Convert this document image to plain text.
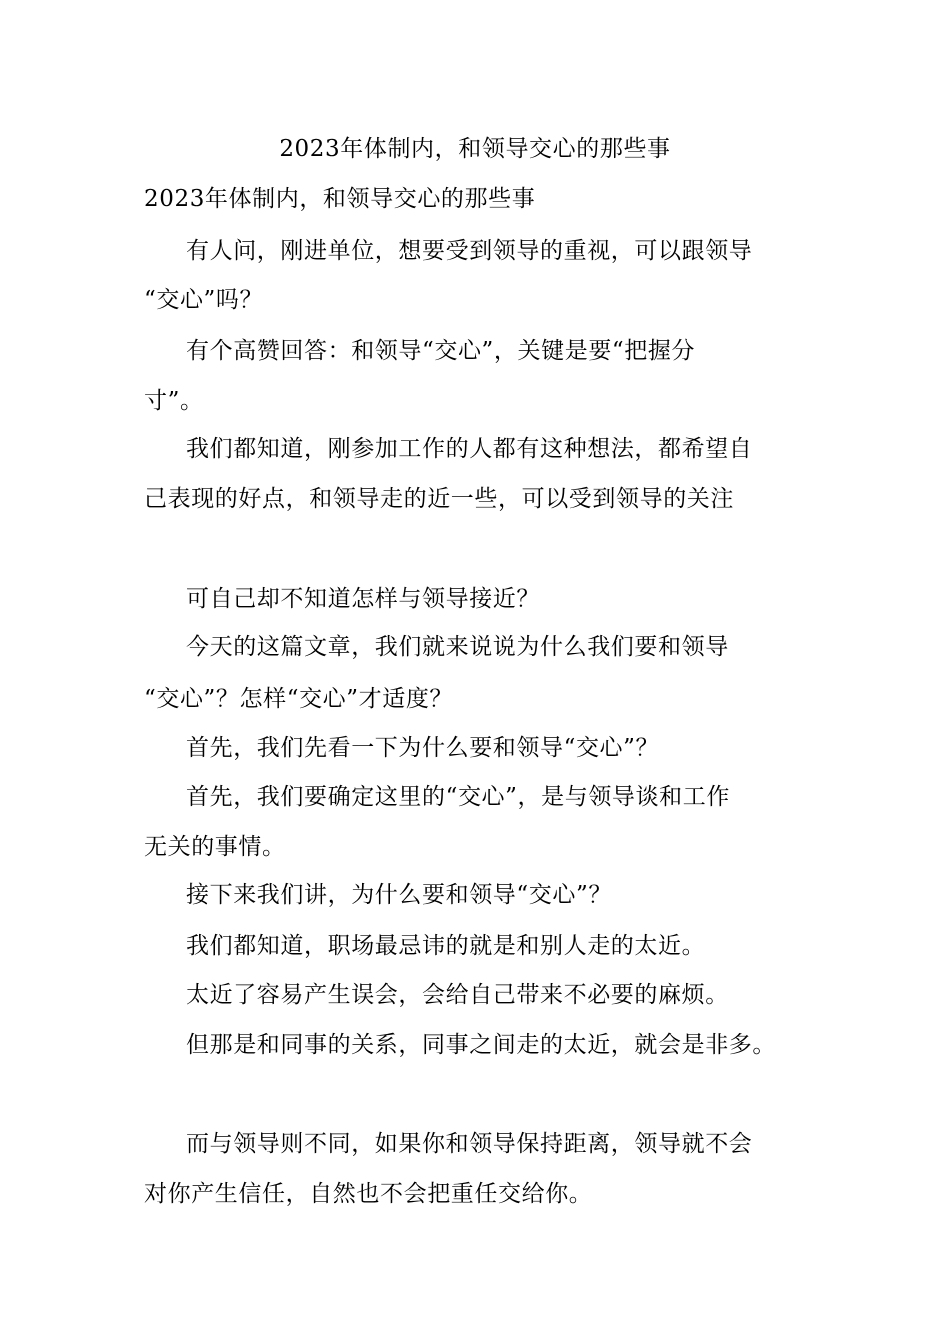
2023年体制内，和领导交心的那些事
2023年体制内，和领导交心的那些事
有人问，刚进单位，想要受到领导的重视，可以跟领导
“交心”吗？
有个高赞回答：和领导“交心”，关键是要“把握分
寸”。
我们都知道，刚参加工作的人都有这种想法，都希望自
己表现的好点，和领导走的近一些，可以受到领导的关注
可自己却不知道怎样与领导接近？
今天的这篇文章，我们就来说说为什么我们要和领导
“交心”？怎样“交心”才适度？
首先，我们先看一下为什么要和领导“交心”？
首先，我们要确定这里的“交心”，是与领导谈和工作
无关的事情。
接下来我们讲，为什么要和领导“交心”？
我们都知道，职场最忌讳的就是和别人走的太近。
太近了容易产生误会，会给自己带来不必要的麻烦。
但那是和同事的关系，同事之间走的太近，就会是非多。
而与领导则不同，如果你和领导保持距离，领导就不会
对你产生信任，自然也不会把重任交给你。
